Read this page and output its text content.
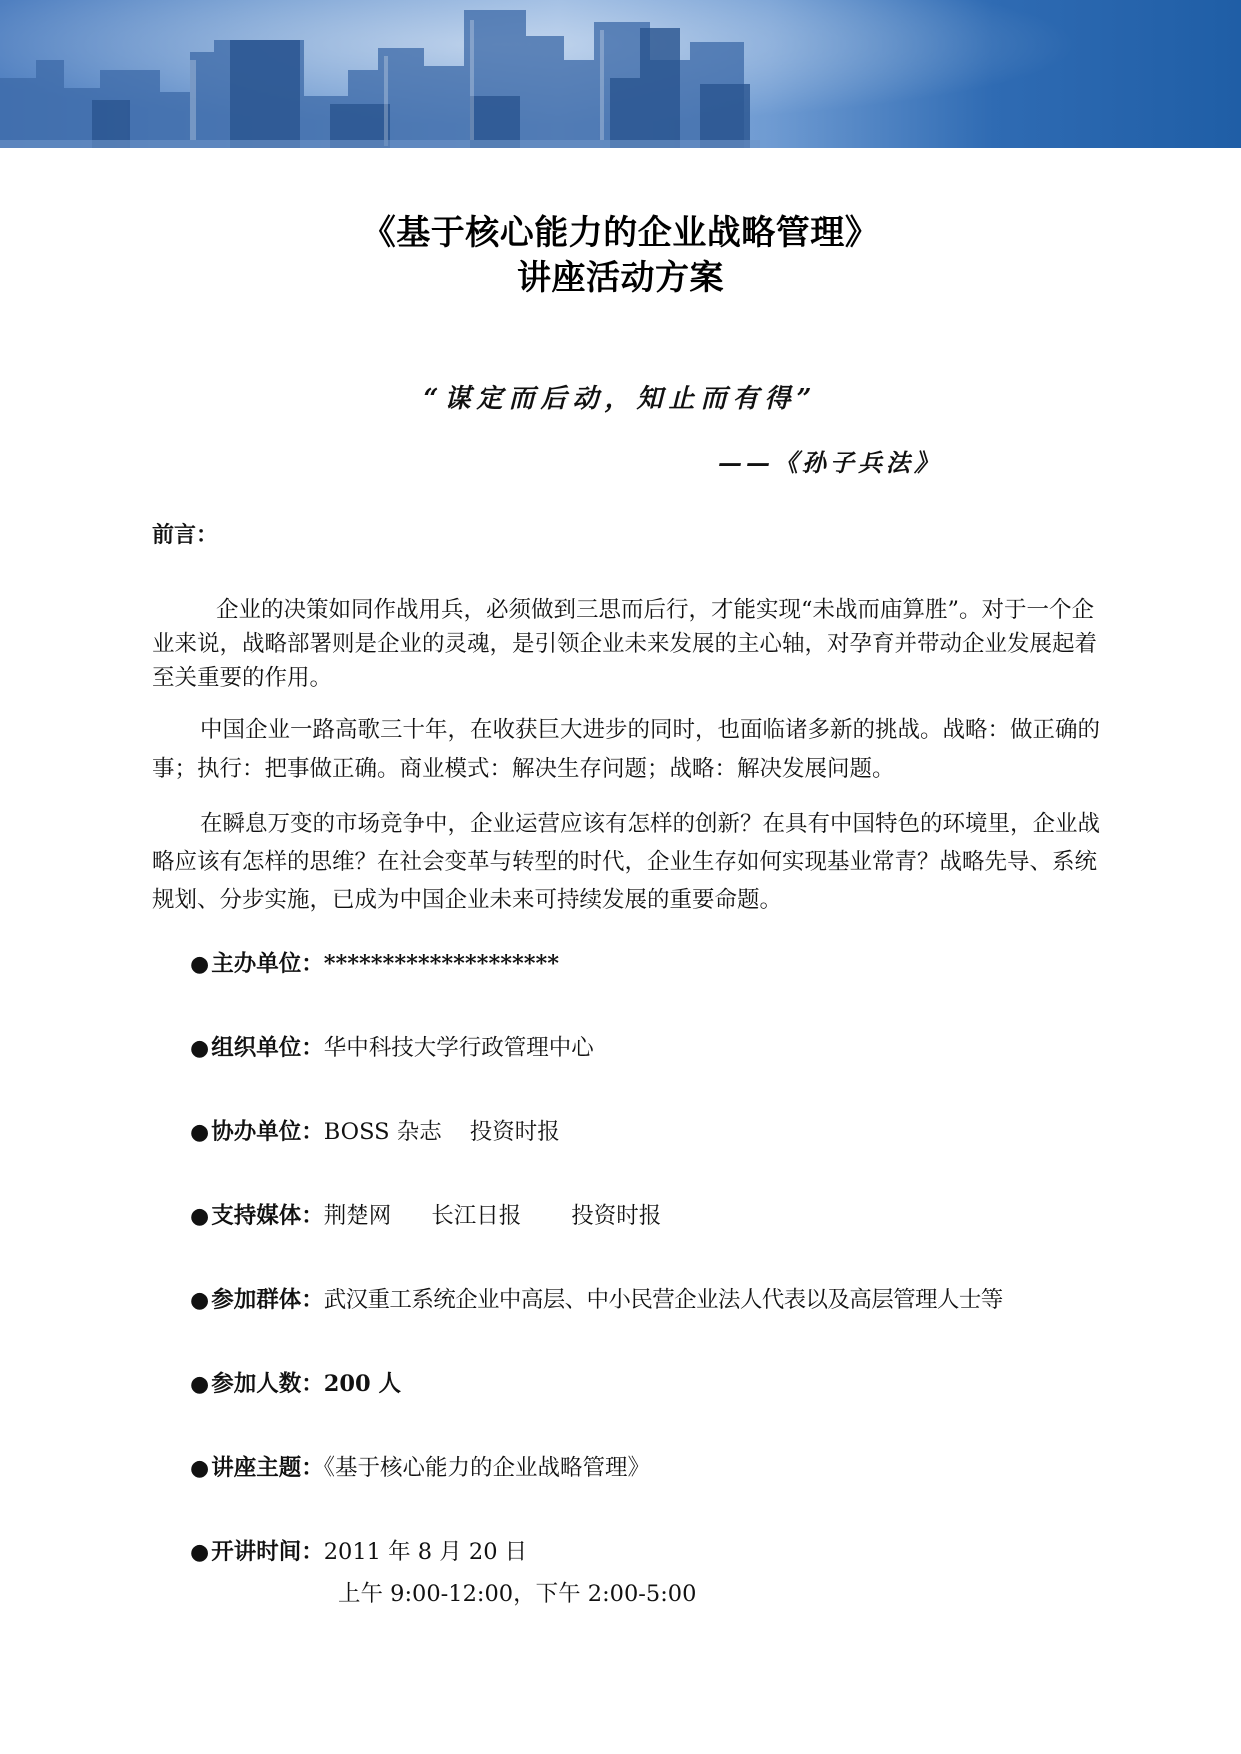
《基于核心能力的企业战略管理》
讲座活动方案
“谋定而后动，知止而有得”
——《孙子兵法》
前言：

企业的决策如同作战用兵，必须做到三思而后行，才能实现“未战而庙算胜”。对于一个企业来说，战略部署则是企业的灵魂，是引领企业未来发展的主心轴，对孕育并带动企业发展起着至关重要的作用。

中国企业一路高歌三十年，在收获巨大进步的同时，也面临诸多新的挑战。战略：做正确的事；执行：把事做正确。商业模式：解决生存问题；战略：解决发展问题。

在瞬息万变的市场竞争中，企业运营应该有怎样的创新？在具有中国特色的环境里，企业战略应该有怎样的思维？在社会变革与转型的时代，企业生存如何实现基业常青？战略先导、系统规划、分步实施，已成为中国企业未来可持续发展的重要命题。

●主办单位：********************
●组织单位：华中科技大学行政管理中心
●协办单位：BOSS 杂志 投资时报
●支持媒体：荆楚网 长江日报 投资时报
●参加群体：武汉重工系统企业中高层、中小民营企业法人代表以及高层管理人士等
●参加人数：200 人
●讲座主题：《基于核心能力的企业战略管理》
●开讲时间：2011 年 8 月 20 日
上午 9:00-12:00，下午 2:00-5:00
